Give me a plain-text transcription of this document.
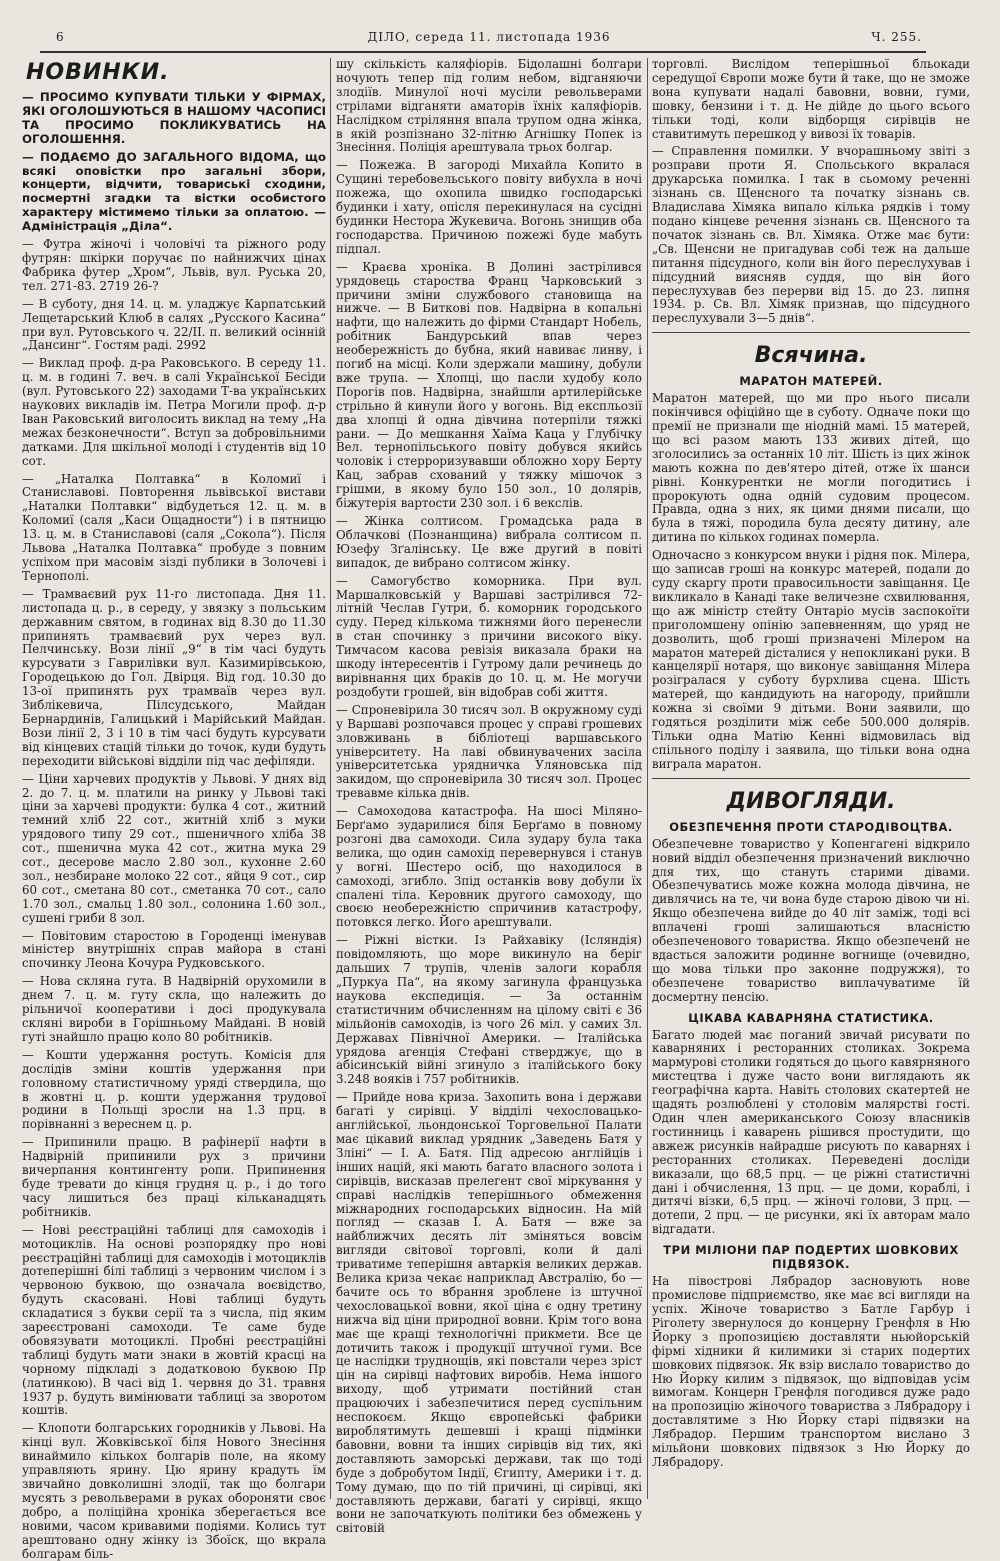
6	ДІЛО, середа 11. листопада 1936	Ч. 255.
НОВИНКИ.

— ПРОСИМО КУПУВАТИ ТІЛЬКИ У ФІРМАХ, ЯКІ ОГОЛОШУЮТЬСЯ В НАШОМУ ЧАСОПИСІ ТА ПРОСИМО ПОКЛИКУВАТИСЬ НА ОГОЛОШЕННЯ.

— ПОДАЄМО ДО ЗАГАЛЬНОГО ВІДОМА, що всякі оповістки про загальні збори, концерти, відчити, товариські сходини, посмертні згадки та вістки особистого характеру містимемо тільки за оплатою. — Адміністрація „Діла“.

— Футра жіночі і чоловічі та ріжного роду футрян: шкірки поручає по найнижчих цінах Фабрика футер „Хром“, Львів, вул. Руська 20, тел. 271-83. 2719 26-?

— В суботу, дня 14. ц. м. уладжує Карпатський Лещетарський Клюб в салях „Русского Касина“ при вул. Рутовського ч. 22/II. п. великий осінній „Дансинг“. Гостям раді. 2992

— Виклад проф. д-ра Раковського. В середу 11. ц. м. в годині 7. веч. в салі Української Бесіди (вул. Рутовського 22) заходами Т-ва українських наукових викладів ім. Петра Могили проф. д-р Іван Раковський виголосить виклад на тему „На межах безконечности“. Вступ за добровільними датками. Для шкільної молоді і студентів від 10 сот.

— „Наталка Полтавка“ в Коломиї і Станиславові. Повторення львівської вистави „Наталки Полтавки“ відбудеться 12. ц. м. в Коломиї (саля „Каси Ощадности“) і в пятницю 13. ц. м. в Станиславові (саля „Сокола“). Після Львова „Наталка Полтавка“ пробуде з повним успіхом при масовім зізді публики в Золочеві і Тернополі.

— Трамваєвий рух 11-го листопада. Дня 11. листопада ц. р., в середу, у звязку з польським державним святом, в годинах від 8.30 до 11.30 припинять трамваєвий рух через вул. Пелчинську. Вози лінії „9“ в тім часі будуть курсувати з Гаврилівки вул. Казимирівською, Городецькою до Гол. Двірця. Від год. 10.30 до 13-ої припинять рух трамваїв через вул. Зиблікевича, Пілсудського, Майдан Бернардинів, Галицький і Марійський Майдан. Вози лінії 2, 3 і 10 в тім часі будуть курсувати від кінцевих стацій тільки до точок, куди будуть переходити військові відділи під час дефіляди.

— Ціни харчевих продуктів у Львові. У днях від 2. до 7. ц. м. платили на ринку у Львові такі ціни за харчеві продукти: булка 4 сот., житний темний хліб 22 сот., житній хліб з муки урядового типу 29 сот., пшеничного хліба 38 сот., пшенична мука 42 сот., житна мука 29 сот., десерове масло 2.80 зол., кухонне 2.60 зол., незбиране молоко 22 сот., яйця 9 сот., сир 60 сот., сметана 80 сот., сметанка 70 сот., сало 1.70 зол., смальц 1.80 зол., солонина 1.60 зол., сушені гриби 8 зол.

— Повітовим старостою в Городенці іменував міністер внутрішніх справ майора в стані спочинку Леона Кочура Рудковського.

— Нова скляна гута. В Надвірній орухомили в днем 7. ц. м. гуту скла, що належить до рільничої кооперативи і досі продукувала скляні вироби в Горішньому Майдані. В новій гуті знайшло працю коло 80 робітників.

— Кошти удержання ростуть. Комісія для дослідів зміни коштів удержання при головному статистичному уряді ствердила, що в жовтні ц. р. кошти удержання трудової родини в Польщі зросли на 1.3 прц. в порівнанні з вереснем ц. р.

— Припинили працю. В рафінерії нафти в Надвірній припинили рух з причини вичерпання контингенту ропи. Припинення буде тревати до кінця грудня ц. р., і до того часу лишиться без праці кільканадцять робітників.

— Нові реєстраційні таблиці для самоходів і мотоциклів. На основі розпорядку про нові реєстраційні таблиці для самоходів і мотоциклів дотеперішні білі таблиці з червоним числом і з червоною буквою, що означала воєвідство, будуть скасовані. Нові таблиці будуть складатися з букви серії та з числа, під яким зареєстровані самоходи. Те саме буде обовязувати мотоциклі. Пробні реєстраційні таблиці будуть мати знаки в жовтій красці на чорному підкладі з додатковою буквою Пр (латинкою). В часі від 1. червня до 31. травня 1937 р. будуть вимінювати таблиці за зворотом коштів.

— Клопоти болгарських городників у Львові. На кінці вул. Жовківської біля Нового Знесіння винаймило кількох болгарів поле, на якому управляють ярину. Цю ярину крадуть їм звичайно довколишні злодії, так що болгари мусять з револьверами в руках обороняти своє добро, а поліційна хроніка зберегається все новими, часом кривавими подіями. Колись тут арештовано одну жінку із Збоїск, що вкрала болгарам біль-

шу скількість каляфіорів. Бідолашні болгари ночують тепер під голим небом, відганяючи злодіїв. Минулої ночі мусіли револьверами стрілами відганяти аматорів їхніх каляфіорів. Наслідком стріляння впала трупом одна жінка, в якій розпізнано 32-літню Агнішку Попек із Знесіння. Поліція арештувала трьох болгар.

— Пожежа. В загороді Михайла Копито в Сущині теребовельського повіту вибухла в ночі пожежа, що охопила швидко господарські будинки і хату, опісля перекинулася на сусідні будинки Нестора Жукевича. Вогонь знищив оба господарства. Причиною пожежі буде мабуть підпал.

— Краєва хроніка. В Долині застрілився урядовець староства Франц Чарковський з причини зміни службового становища на нижче. — В Биткові пов. Надвірна в копальні нафти, що належить до фірми Стандарт Нобель, робітник Бандурський впав через необережність до бубна, який навиває линву, і погиб на місці. Коли здержали машину, добули вже трупа. — Хлопці, що пасли худобу коло Порогів пов. Надвірна, знайшли артилерійське стрільно й кинули його у вогонь. Від експльозії два хлопці й одна дівчина потерпіли тяжкі рани. — До мешкання Хаїма Каца у Глубічку Вел. тернопільського повіту добувся якийсь чоловік і стерроризувавши обложно хору Берту Кац, забрав схований у тяжку мішочок з грішми, в якому було 150 зол., 10 долярів, біжутерія вартости 230 зол. і 6 векслів.

— Жінка солтисом. Громадська рада в Облачкові (Познанщина) вибрала солтисом п. Юзефу Зґалінську. Це вже другий в повіті випадок, де вибрано солтисом жінку.

— Самогубство коморника. При вул. Маршалковській у Варшаві застрілився 72-літній Чеслав Гутри, б. коморник городського суду. Перед кількома тижнями його перенесли в стан спочинку з причини високого віку. Тимчасом касова ревізія виказала браки на шкоду інтересентів і Гутрому дали речинець до вирівнання цих браків до 10. ц. м. Не могучи роздобути грошей, він відобрав собі життя.

— Спроневірила 30 тисяч зол. В окружному суді у Варшаві розпочався процес у справі грошевих зловживань в бібліотеці варшавського університету. На лаві обвинувачених засіла університетська урядничка Уляновська під закидом, що спроневірила 30 тисяч зол. Процес тревавме кілька днів.

— Самоходова катастрофа. На шосі Міляно-Берґамо зударилися біля Берґамо в повному розгоні два самоходи. Сила зудару була така велика, що один самохід перевернувся і станув у вогні. Шестеро осіб, що находилося в самоході, згибло. Зпід останків вову добули їх спалені тіла. Керовник другого самоходу, що своєю необережністю спричинив катастрофу, потовкся легко. Його арештували.

— Ріжні вістки. Із Райхавіку (Ісляндія) повідомляють, що море викинуло на беріг дальших 7 трупів, членів залоги корабля „Пуркуа Па“, на якому загинула французька наукова експедиція. — За останнім статистичним обчисленням на цілому світі є 36 мільйонів самоходів, із чого 26 міл. у самих Зл. Державах Північної Америки. — Італійська урядова агенція Стефані стверджує, що в абісинській війні згинуло з італійського боку 3.248 вояків і 757 робітників.

— Прийде нова криза. Захопить вона і держави багаті у сирівці. У відділі чехословацько-англійської, льондонської Торговельної Палати має цікавий виклад урядник „Заведень Батя у Зліні“ — І. А. Батя. Під адресою англійців і інших націй, які мають багато власного золота і сирівців, висказав прелегент свої міркування у справі наслідків теперішнього обмеження міжнародних господарських відносин. На мій погляд — сказав І. А. Батя — вже за найближчих десять літ зміняться вовсім вигляди світової торговлі, коли й далі триватиме теперішня автаркія великих держав. Велика криза чекає наприклад Австралію, бо — бачите ось то вбрання зроблене із штучної чехословацької вовни, якої ціна є одну третину нижча від ціни природної вовни. Крім того вона має ще кращі технологічні прикмети. Все це дотичить також і продукції штучної гуми. Все це наслідки труднощів, які повстали через зріст цін на сирівці нафтових виробів. Нема іншого виходу, щоб утримати постійний стан працюючих і забезпечитися перед суспільним неспокоєм. Якщо європейські фабрики вироблятимуть дешевші і кращі підмінки бавовни, вовни та інших сирівців від тих, які доставляють заморські держави, так що тоді буде з добробутом Індії, Єгипту, Америки і т. д. Тому думаю, що по тій причині, ці сирівці, які доставляють держави, багаті у сирівці, якщо вони не започаткують політики без обмежень у світовій

торговлі. Вислідом теперішньої бльокади середущої Європи може бути й таке, що не зможе вона купувати надалі бавовни, вовни, гуми, шовку, бензини і т. д. Не дійде до цього всього тільки тоді, коли відборщя сирівців не ставитимуть перешкод у вивозі їх товарів.

— Справлення помилки. У вчорашньому звіті з розправи проти Я. Спольського вкралася друкарська помилка. І так в сьомому реченні зізнань св. Щенсного та початку зізнань св. Владислава Хімяка випало кілька рядків і тому подано кінцеве речення зізнань св. Щенсного та початок зізнань св. Вл. Хімяка. Отже має бути: „Св. Щенсни не пригадував собі теж на дальше питання підсудного, коли він його переслухував і підсудний виясняв суддя, що він його переслухував без перерви від 15. до 23. липня 1934. р. Св. Вл. Хімяк признав, що підсудного переслухували 3—5 днів“.

Всячина.
МАРАТОН МАТЕРЕЙ.

Маратон матерей, що ми про нього писали покінчився офіційно ще в суботу. Одначе поки що премії не признали ще ніодній мамі. 15 матерей, що всі разом мають 133 живих дітей, що зголосились за останніх 10 літ. Шість із цих жінок мають кожна по дев'ятеро дітей, отже їх шанси рівні. Конкурентки не могли погодитись і пророкують одна одній судовим процесом. Правда, одна з них, як цими днями писали, що була в тяжі, породила була десяту дитину, але дитина по кількох годинах померла.

Одночасно з конкурсом внуки і рідня пок. Мілера, що записав гроші на конкурс матерей, подали до суду скаргу проти правосильности завіщання. Це викликало в Канаді таке величезне схвилювання, що аж міністр стейту Онтаріо мусів заспокоїти приголомшену опінію запевненням, що уряд не дозволить, щоб гроші призначені Мілером на маратон матерей дісталися у непокликані руки. В канцелярії нотаря, що виконує завіщання Мілера розігралася у суботу бурхлива сцена. Шість матерей, що кандидують на нагороду, прийшли кожна зі своїми 9 дітьми. Вони заявили, що годяться розділити між себе 500.000 долярів. Тільки одна Матію Кенні відмовилась від спільного поділу і заявила, що тільки вона одна виграла маратон.

ДИВОГЛЯДИ.
ОБЕЗПЕЧЕННЯ ПРОТИ СТАРОДІВОЦТВА.

Обезпечевне товариство у Копенгагені відкрило новий відділ обезпечення призначений виключно для тих, що стануть старими дівами. Обезпечуватись може кожна молода дівчина, не дивлячись на те, чи вона буде старою дівою чи ні. Якщо обезпечена вийде до 40 літ заміж, тоді всі вплачені гроші залишаються власністю обезпеченового товариства. Якщо обезпеченй не вдасться заложити родинне вогнище (очевидно, що мова тільки про законне подружжя), то обезпечене товариство виплачуватиме їй досмертну пенсію.

ЦІКАВА КАВАРНЯНА СТАТИСТИКА.

Багато людей має поганий звичай рисувати по каварняних і ресторанних столиках. Зокрема мармурові столики годяться до цього кавярняного мистецтва і дуже часто вони виглядають як географічна карта. Навіть столових скатертей не щадять розлюблені у столовім малярстві гості. Один член американського Союзу власників гостинниць і каварень рішився простудити, що авжеж рисунків найрадше рисують по каварнях і ресторанних столиках. Переведені досліди виказали, що 68,5 прц. — це ріжні статистичні дані і обчислення, 13 прц. — це доми, кораблі, і дитячі візки, 6,5 прц. — жіночі голови, 3 прц. — дотепи, 2 прц. — це рисунки, які їх авторам мало відгадати.

ТРИ МІЛІОНИ ПАР ПОДЕРТИХ ШОВКОВИХ ПІДВЯЗОК.

На півострові Лябрадор засновують нове промислове підприємство, яке має всі вигляди на успіх. Жіноче товариство з Батле Гарбур і Ріголету звернулося до концерну Гренфля в Ню Йорку з пропозицією доставляти ньюйорській фірмі хідники й килимики зі старих подертих шовкових підвязок. Як взір вислало товариство до Ню Йорку килим з підвязок, що відповідав усім вимогам. Концерн Гренфля погодився дуже радо на пропозицію жіночого товариства з Лябрадору і доставлятиме з Ню Йорку старі підвязки на Лябрадор. Першим транспортом вислано 3 мільйони шовкових підвязок з Ню Йорку до Лябрадору.
